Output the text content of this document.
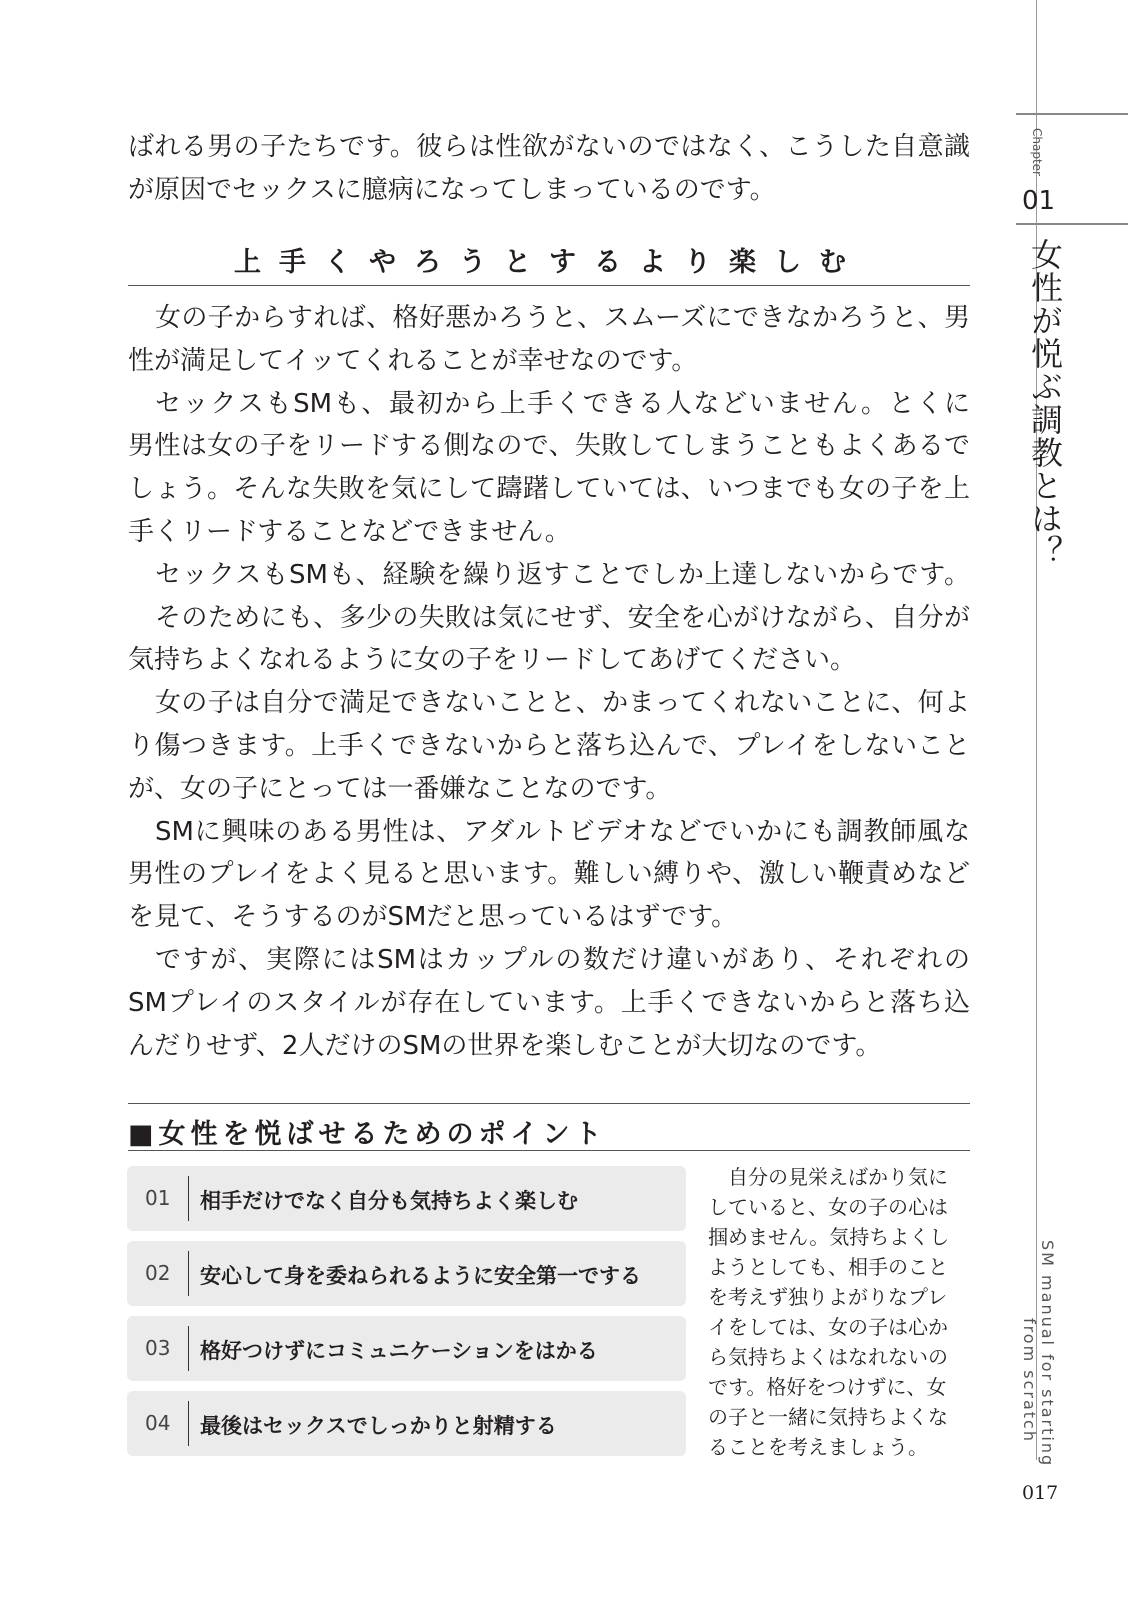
ばれる男の子たちです。彼らは性欲がないのではなく、こうした自意識
が原因でセックスに臆病になってしまっているのです。
上手くやろうとするより楽しむ
女の子からすれば、格好悪かろうと、スムーズにできなかろうと、男
性が満足してイッてくれることが幸せなのです。
セックスもSMも、最初から上手くできる人などいません。とくに
男性は女の子をリードする側なので、失敗してしまうこともよくあるで
しょう。そんな失敗を気にして躊躇していては、いつまでも女の子を上
手くリードすることなどできません。
セックスもSMも、経験を繰り返すことでしか上達しないからです。
そのためにも、多少の失敗は気にせず、安全を心がけながら、自分が
気持ちよくなれるように女の子をリードしてあげてください。
女の子は自分で満足できないことと、かまってくれないことに、何よ
り傷つきます。上手くできないからと落ち込んで、プレイをしないこと
が、女の子にとっては一番嫌なことなのです。
SMに興味のある男性は、アダルトビデオなどでいかにも調教師風な
男性のプレイをよく見ると思います。難しい縛りや、激しい鞭責めなど
を見て、そうするのがSMだと思っているはずです。
ですが、実際にはSMはカップルの数だけ違いがあり、それぞれの
SMプレイのスタイルが存在しています。上手くできないからと落ち込
んだりせず、2人だけのSMの世界を楽しむことが大切なのです。
■女性を悦ばせるためのポイント
01 相手だけでなく自分も気持ちよく楽しむ
02 安心して身を委ねられるように安全第一でする
03 格好つけずにコミュニケーションをはかる
04 最後はセックスでしっかりと射精する
　自分の見栄えばかり気に
していると、女の子の心は
掴めません。気持ちよくし
ようとしても、相手のこと
を考えず独りよがりなプレ
イをしては、女の子は心か
ら気持ちよくはなれないの
です。格好をつけずに、女
の子と一緒に気持ちよくな
ることを考えましょう。
Chapter
01
女性が悦ぶ調教とは？
SM manual for starting
from scratch
017
